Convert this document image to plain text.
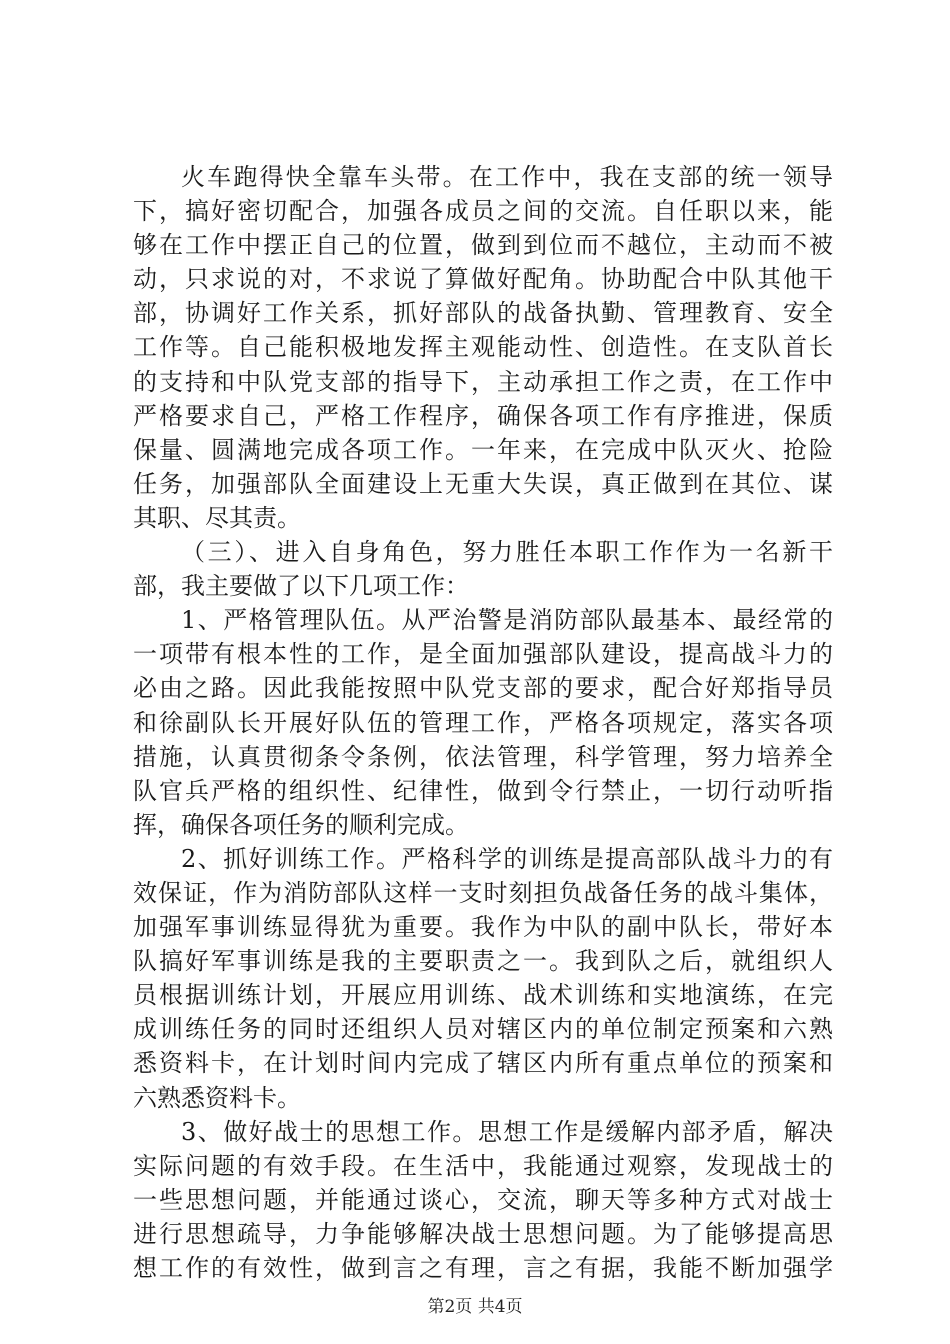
火车跑得快全靠车头带。在工作中，我在支部的统一领导
下，搞好密切配合，加强各成员之间的交流。自任职以来，能
够在工作中摆正自己的位置，做到到位而不越位，主动而不被
动，只求说的对，不求说了算做好配角。协助配合中队其他干
部，协调好工作关系，抓好部队的战备执勤、管理教育、安全
工作等。自己能积极地发挥主观能动性、创造性。在支队首长
的支持和中队党支部的指导下，主动承担工作之责，在工作中
严格要求自己，严格工作程序，确保各项工作有序推进，保质
保量、圆满地完成各项工作。一年来，在完成中队灭火、抢险
任务，加强部队全面建设上无重大失误，真正做到在其位、谋
其职、尽其责。
（三）、进入自身角色，努力胜任本职工作作为一名新干
部，我主要做了以下几项工作：
1、严格管理队伍。从严治警是消防部队最基本、最经常的
一项带有根本性的工作，是全面加强部队建设，提高战斗力的
必由之路。因此我能按照中队党支部的要求，配合好郑指导员
和徐副队长开展好队伍的管理工作，严格各项规定，落实各项
措施，认真贯彻条令条例，依法管理，科学管理，努力培养全
队官兵严格的组织性、纪律性，做到令行禁止，一切行动听指
挥，确保各项任务的顺利完成。
2、抓好训练工作。严格科学的训练是提高部队战斗力的有
效保证，作为消防部队这样一支时刻担负战备任务的战斗集体，
加强军事训练显得犹为重要。我作为中队的副中队长，带好本
队搞好军事训练是我的主要职责之一。我到队之后，就组织人
员根据训练计划，开展应用训练、战术训练和实地演练，在完
成训练任务的同时还组织人员对辖区内的单位制定预案和六熟
悉资料卡，在计划时间内完成了辖区内所有重点单位的预案和
六熟悉资料卡。
3、做好战士的思想工作。思想工作是缓解内部矛盾，解决
实际问题的有效手段。在生活中，我能通过观察，发现战士的
一些思想问题，并能通过谈心，交流，聊天等多种方式对战士
进行思想疏导，力争能够解决战士思想问题。为了能够提高思
想工作的有效性，做到言之有理，言之有据，我能不断加强学
第2页 共4页
